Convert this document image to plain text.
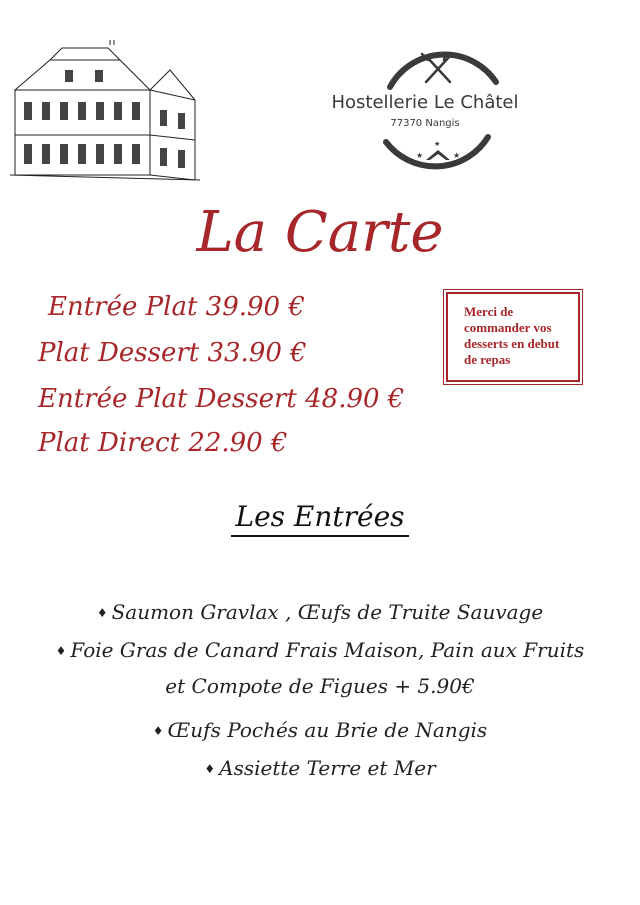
★	★
★
Hostellerie Le Châtel
77370 Nangis
La Carte
Entrée Plat 39.90 €
Plat Dessert 33.90 €
Entrée Plat Dessert 48.90 €
Plat Direct 22.90 €
Merci de commander vos desserts en debut de repas
Les Entrées
♦ Saumon Gravlax , Œufs de Truite Sauvage
♦ Foie Gras de Canard Frais Maison, Pain aux Fruits
et Compote de Figues + 5.90€
♦ Œufs Pochés au Brie de Nangis
♦ Assiette Terre et Mer
